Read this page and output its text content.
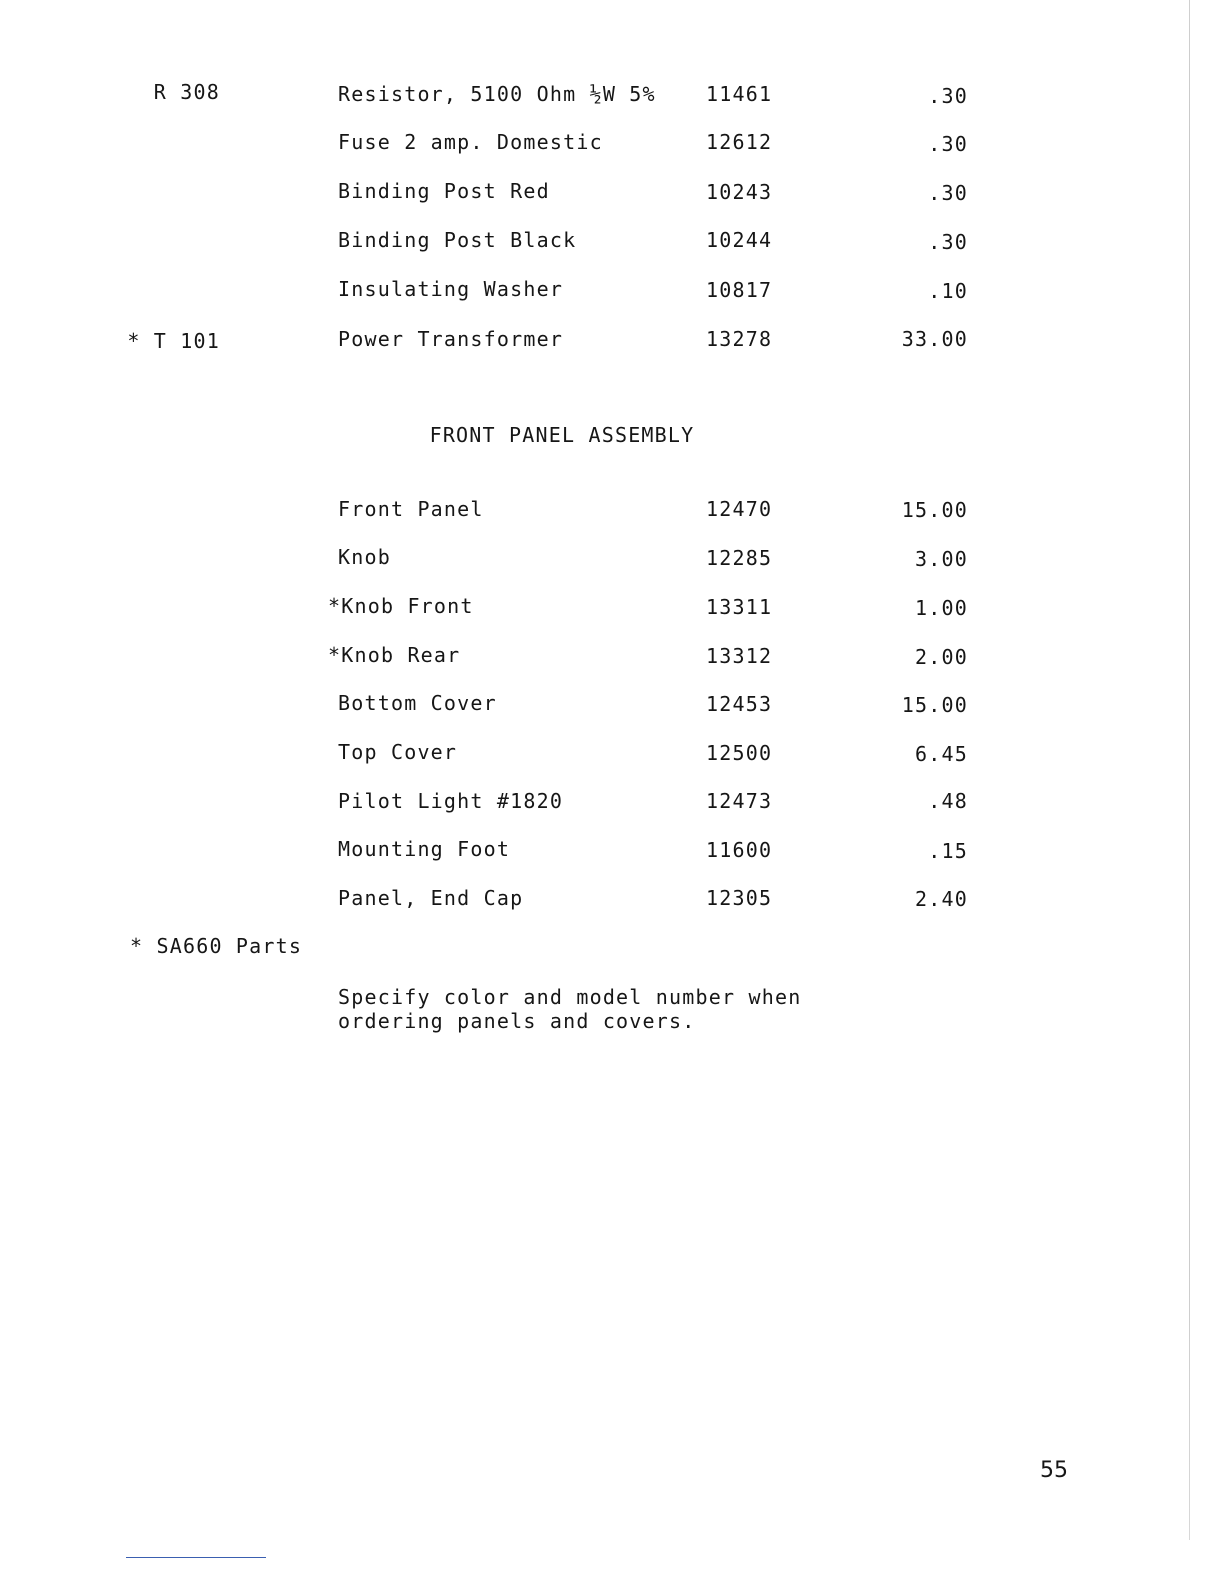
R 308	Resistor, 5100 Ohm ½W 5%	11461	.30
Fuse 2 amp. Domestic	12612	.30
Binding Post Red	10243	.30
Binding Post Black	10244	.30
Insulating Washer	10817	.10
* T 101	Power Transformer	13278	33.00
FRONT PANEL ASSEMBLY
Front Panel	12470	15.00
Knob	12285	3.00
*Knob Front	13311	1.00
*Knob Rear	13312	2.00
Bottom Cover	12453	15.00
Top Cover	12500	6.45
Pilot Light #1820	12473	.48
Mounting Foot	11600	.15
Panel, End Cap	12305	2.40
* SA660 Parts
Specify color and model number when ordering panels and covers.
55
